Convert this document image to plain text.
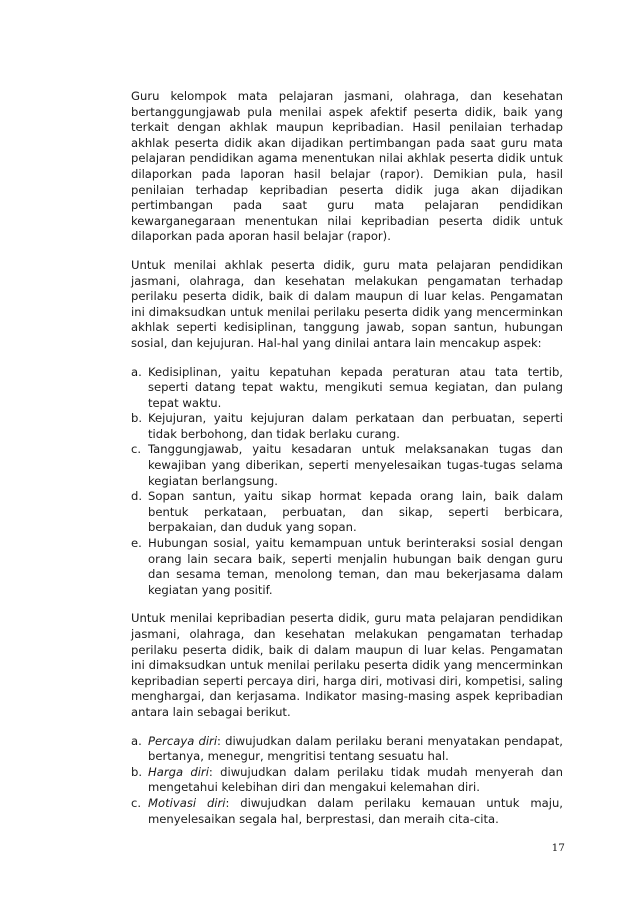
Guru kelompok mata pelajaran jasmani, olahraga, dan kesehatan bertanggungjawab pula menilai aspek afektif peserta didik, baik yang terkait dengan akhlak maupun kepribadian. Hasil penilaian terhadap akhlak peserta didik akan dijadikan pertimbangan pada saat guru mata pelajaran pendidikan agama menentukan nilai akhlak peserta didik untuk dilaporkan pada laporan hasil belajar (rapor). Demikian pula, hasil penilaian terhadap kepribadian peserta didik juga akan dijadikan pertimbangan pada saat guru mata pelajaran pendidikan kewarganegaraan menentukan nilai kepribadian peserta didik untuk dilaporkan pada aporan hasil belajar (rapor).

Untuk menilai akhlak peserta didik, guru mata pelajaran pendidikan jasmani, olahraga, dan kesehatan melakukan pengamatan terhadap perilaku peserta didik, baik di dalam maupun di luar kelas. Pengamatan ini dimaksudkan untuk menilai perilaku peserta didik yang mencerminkan akhlak seperti kedisiplinan, tanggung jawab, sopan santun, hubungan sosial, dan kejujuran. Hal-hal yang dinilai antara lain mencakup aspek:

a. Kedisiplinan, yaitu kepatuhan kepada peraturan atau tata tertib, seperti datang tepat waktu, mengikuti semua kegiatan, dan pulang tepat waktu.
b. Kejujuran, yaitu kejujuran dalam perkataan dan perbuatan, seperti tidak berbohong, dan tidak berlaku curang.
c. Tanggungjawab, yaitu kesadaran untuk melaksanakan tugas dan kewajiban yang diberikan, seperti menyelesaikan tugas-tugas selama kegiatan berlangsung.
d. Sopan santun, yaitu sikap hormat kepada orang lain, baik dalam bentuk perkataan, perbuatan, dan sikap, seperti berbicara, berpakaian, dan duduk yang sopan.
e. Hubungan sosial, yaitu kemampuan untuk berinteraksi sosial dengan orang lain secara baik, seperti menjalin hubungan baik dengan guru dan sesama teman, menolong teman, dan mau bekerjasama dalam kegiatan yang positif.

Untuk menilai kepribadian peserta didik, guru mata pelajaran pendidikan jasmani, olahraga, dan kesehatan melakukan pengamatan terhadap perilaku peserta didik, baik di dalam maupun di luar kelas. Pengamatan ini dimaksudkan untuk menilai perilaku peserta didik yang mencerminkan kepribadian seperti percaya diri, harga diri, motivasi diri, kompetisi, saling menghargai, dan kerjasama. Indikator masing-masing aspek kepribadian antara lain sebagai berikut.

a. Percaya diri: diwujudkan dalam perilaku berani menyatakan pendapat, bertanya, menegur, mengritisi tentang sesuatu hal.
b. Harga diri: diwujudkan dalam perilaku tidak mudah menyerah dan mengetahui kelebihan diri dan mengakui kelemahan diri.
c. Motivasi diri: diwujudkan dalam perilaku kemauan untuk maju, menyelesaikan segala hal, berprestasi, dan meraih cita-cita.
17
